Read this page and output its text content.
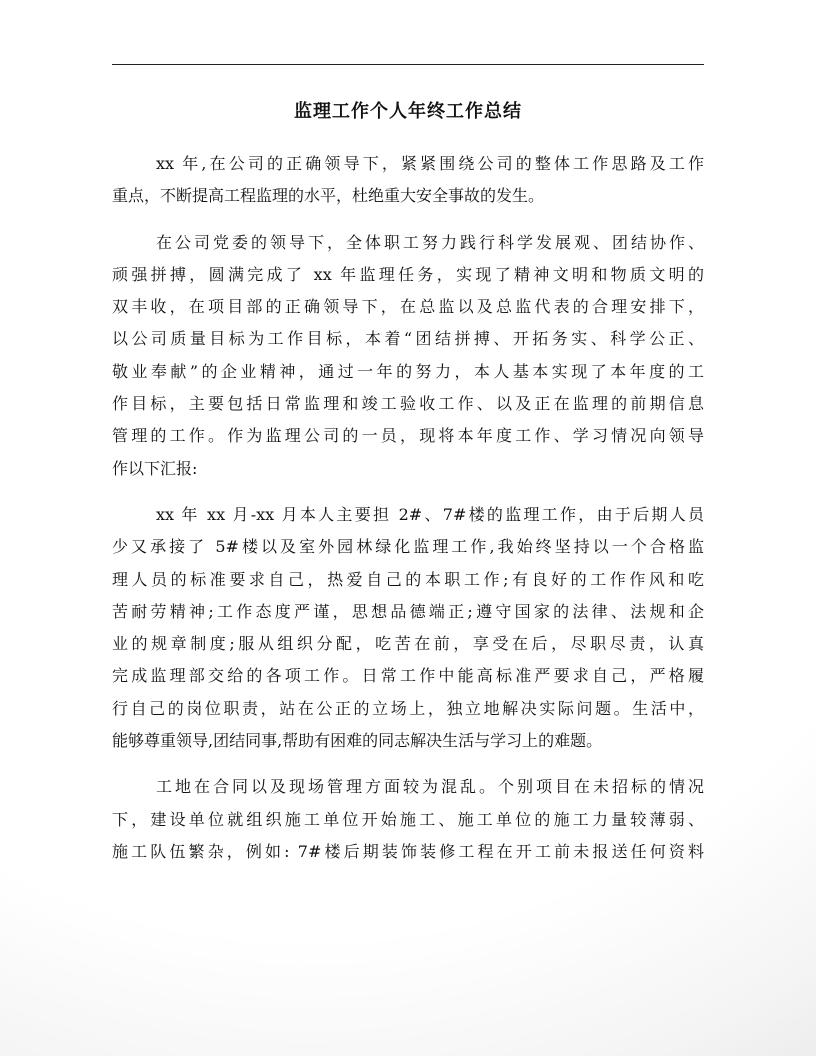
监理工作个人年终工作总结

xx 年,在公司的正确领导下，紧紧围绕公司的整体工作思路及工作
重点，不断提高工程监理的水平，杜绝重大安全事故的发生。

在公司党委的领导下，全体职工努力践行科学发展观、团结协作、
顽强拼搏，圆满完成了 xx 年监理任务，实现了精神文明和物质文明的
双丰收，在项目部的正确领导下，在总监以及总监代表的合理安排下，
以公司质量目标为工作目标，本着“团结拼搏、开拓务实、科学公正、
敬业奉献”的企业精神，通过一年的努力，本人基本实现了本年度的工
作目标，主要包括日常监理和竣工验收工作、以及正在监理的前期信息
管理的工作。作为监理公司的一员，现将本年度工作、学习情况向领导
作以下汇报:

xx 年 xx 月-xx 月本人主要担 2#、7#楼的监理工作，由于后期人员
少又承接了 5#楼以及室外园林绿化监理工作,我始终坚持以一个合格监
理人员的标准要求自己，热爱自己的本职工作;有良好的工作作风和吃
苦耐劳精神;工作态度严谨，思想品德端正;遵守国家的法律、法规和企
业的规章制度;服从组织分配，吃苦在前，享受在后，尽职尽责，认真
完成监理部交给的各项工作。日常工作中能高标准严要求自己，严格履
行自己的岗位职责，站在公正的立场上，独立地解决实际问题。生活中，
能够尊重领导,团结同事,帮助有困难的同志解决生活与学习上的难题。

工地在合同以及现场管理方面较为混乱。个别项目在未招标的情况
下，建设单位就组织施工单位开始施工、施工单位的施工力量较薄弱、
施工队伍繁杂，例如: 7#楼后期装饰装修工程在开工前未报送任何资料
